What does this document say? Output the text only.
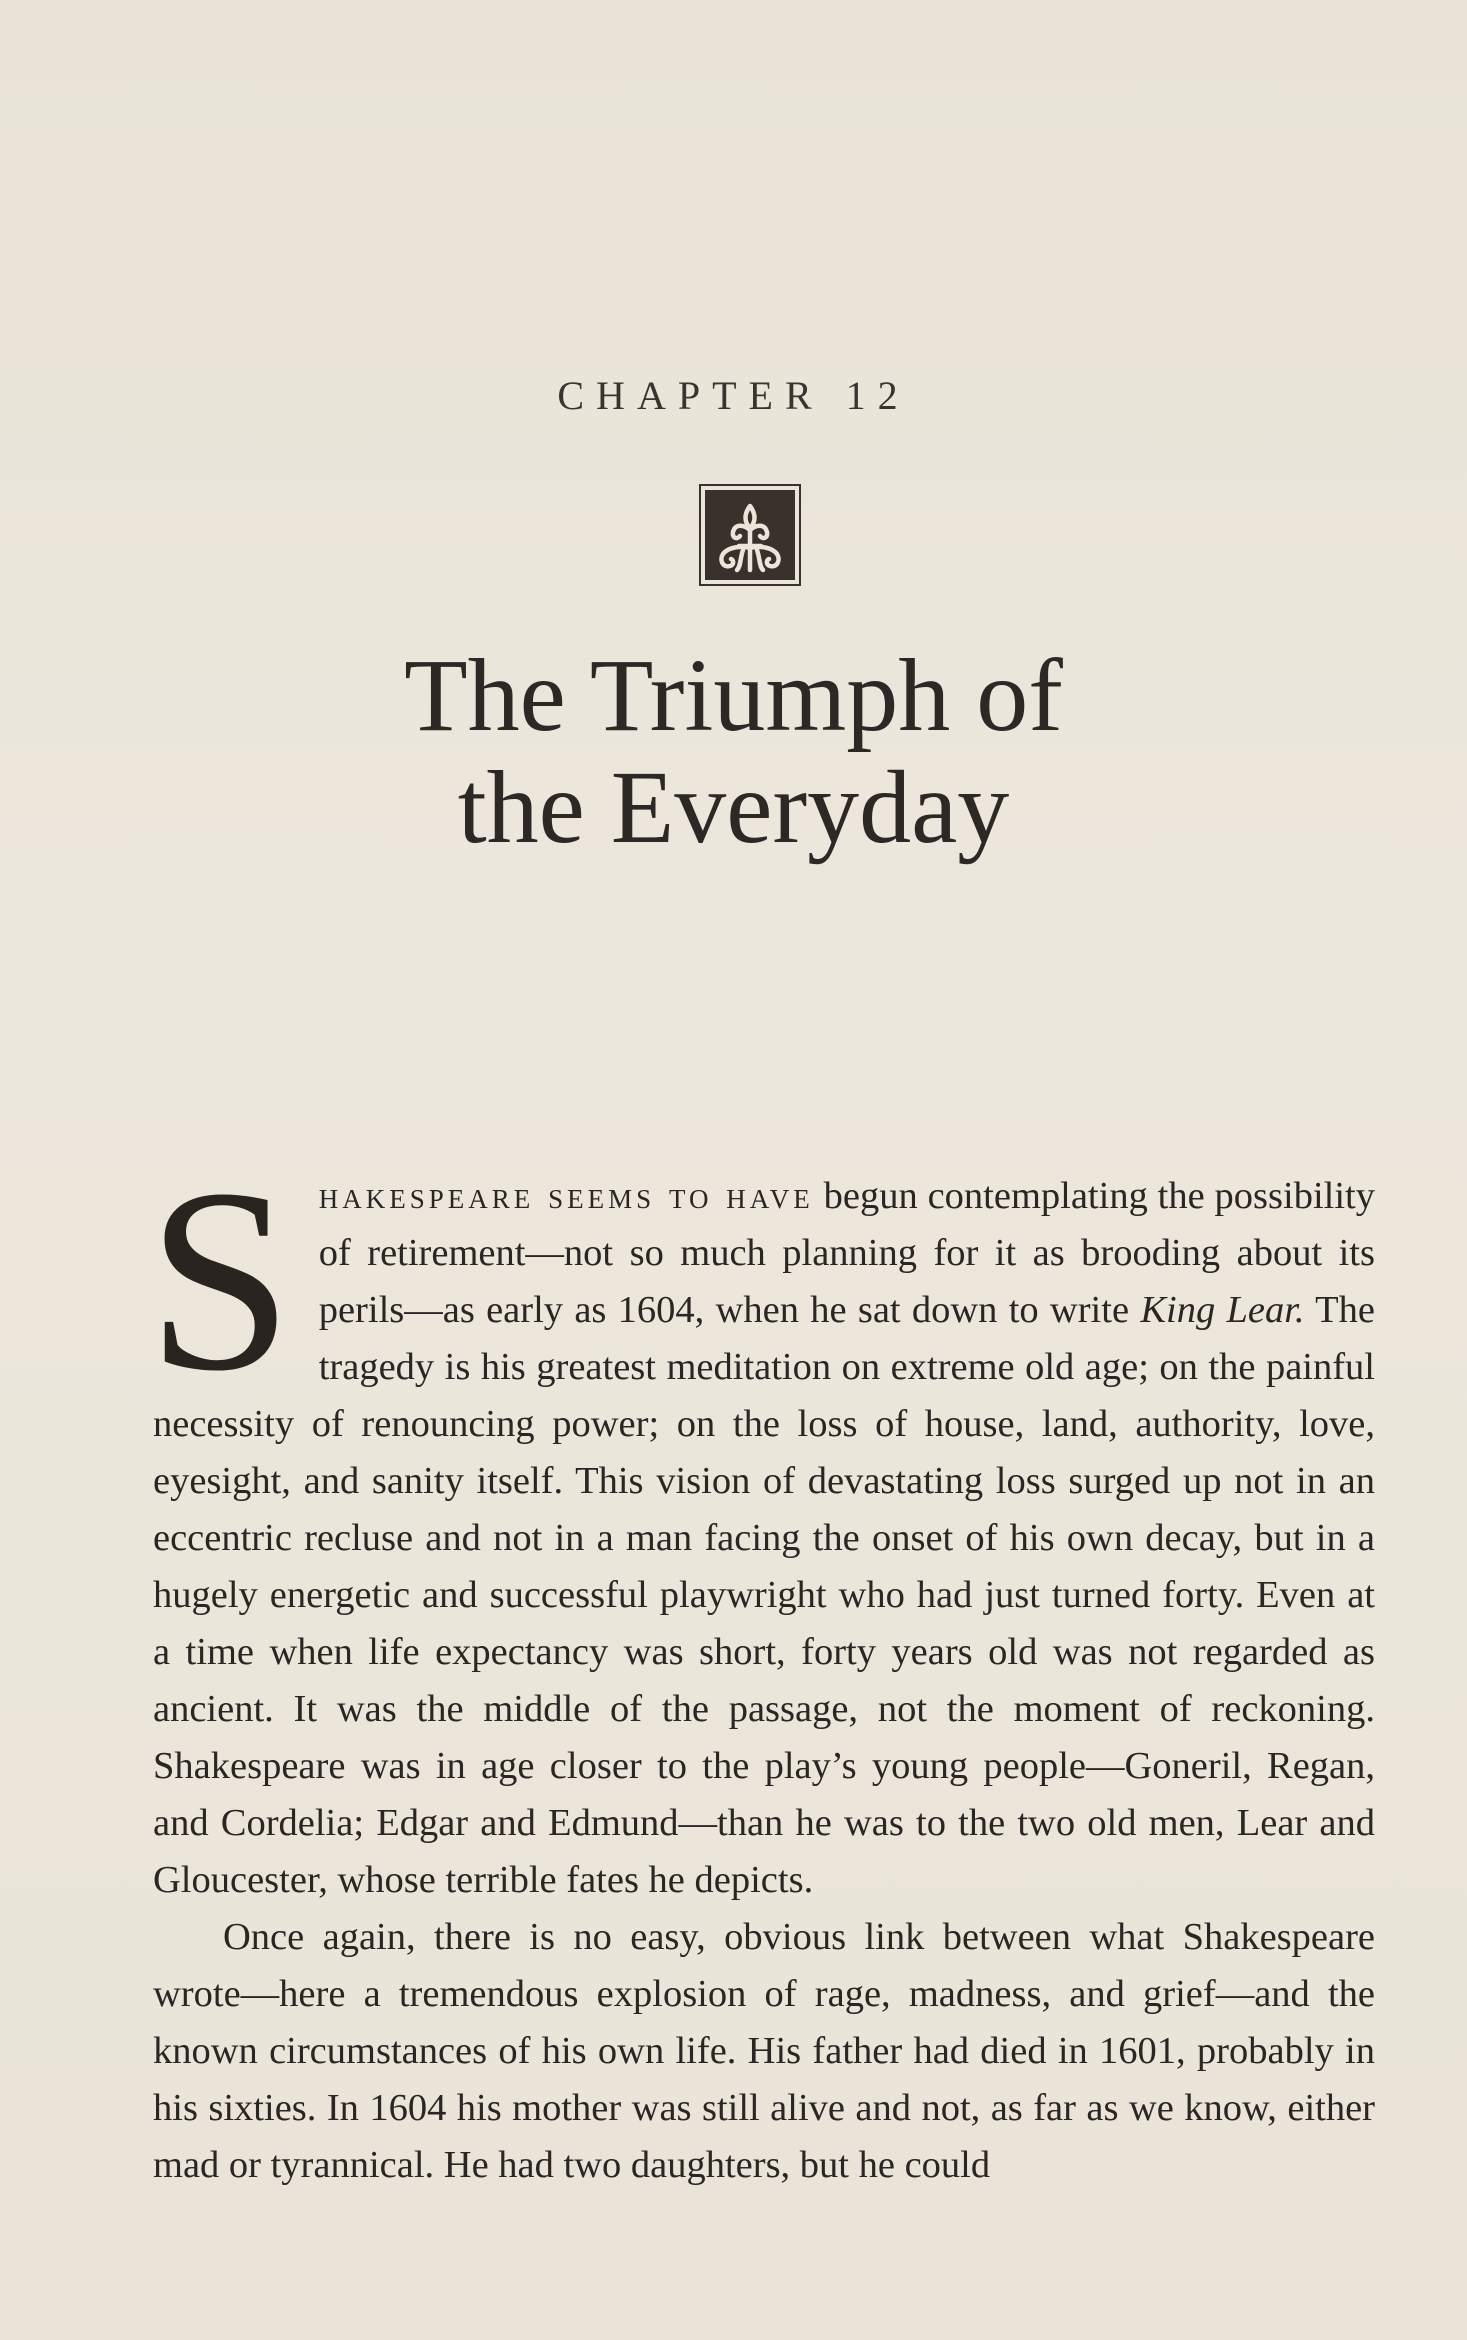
CHAPTER 12
The Triumph of
the Everyday

Shakespeare seems to have begun contemplating the possibility of retirement—not so much planning for it as brooding about its perils—as early as 1604, when he sat down to write King Lear. The tragedy is his greatest meditation on extreme old age; on the painful necessity of renouncing power; on the loss of house, land, authority, love, eyesight, and sanity itself. This vision of devastating loss surged up not in an eccentric recluse and not in a man facing the onset of his own decay, but in a hugely energetic and successful playwright who had just turned forty. Even at a time when life expectancy was short, forty years old was not regarded as ancient. It was the middle of the passage, not the moment of reckoning. Shakespeare was in age closer to the play’s young people—Goneril, Regan, and Cordelia; Edgar and Edmund—than he was to the two old men, Lear and Gloucester, whose terrible fates he depicts.

Once again, there is no easy, obvious link between what Shakespeare wrote—here a tremendous explosion of rage, madness, and grief—and the known circumstances of his own life. His father had died in 1601, probably in his sixties. In 1604 his mother was still alive and not, as far as we know, either mad or tyrannical. He had two daughters, but he could
